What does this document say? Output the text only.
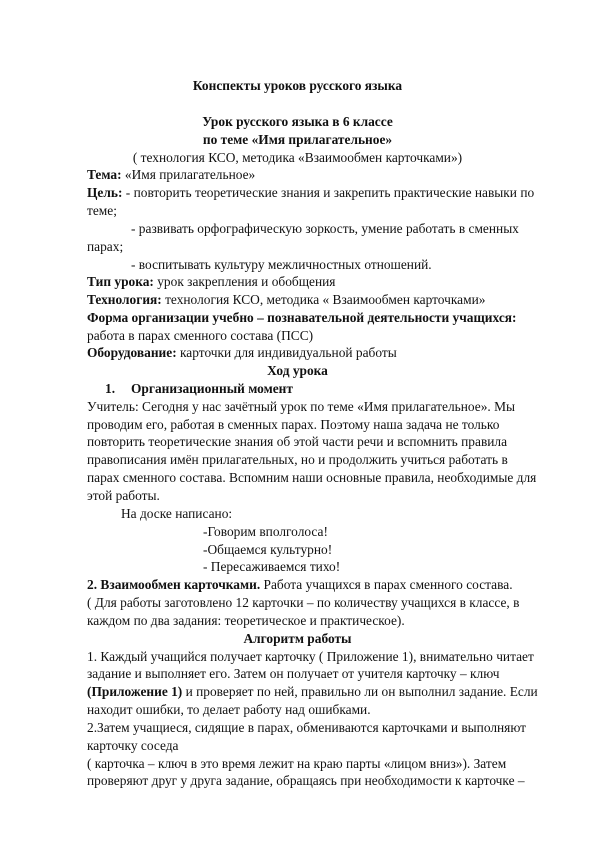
Конспекты уроков русского языка
Урок русского языка в 6 классе
по теме «Имя прилагательное»
( технология КСО, методика «Взаимообмен карточками»)
Тема: «Имя прилагательное»
Цель: - повторить теоретические знания и закрепить практические навыки по
теме;
- развивать орфографическую зоркость, умение работать в сменных
парах;
- воспитывать культуру межличностных отношений.
Тип урока: урок закрепления и обобщения
Технология: технология КСО, методика « Взаимообмен карточками»
Форма организации учебно – познавательной деятельности учащихся:
работа в парах сменного состава (ПСС)
Оборудование: карточки для индивидуальной работы
Ход урока
1. Организационный момент
Учитель: Сегодня у нас зачётный урок по теме «Имя прилагательное». Мы
проводим его, работая в сменных парах. Поэтому наша задача не только
повторить теоретические знания об этой части речи и вспомнить правила
правописания имён прилагательных, но и продолжить учиться работать в
парах сменного состава. Вспомним наши основные правила, необходимые для
этой работы.
На доске написано:
-Говорим вполголоса!
-Общаемся культурно!
- Пересаживаемся тихо!
2. Взаимообмен карточками. Работа учащихся в парах сменного состава.
( Для работы заготовлено 12 карточки – по количеству учащихся в классе, в
каждом по два задания: теоретическое и практическое).
Алгоритм работы
1. Каждый учащийся получает карточку ( Приложение 1), внимательно читает
задание и выполняет его. Затем он получает от учителя карточку – ключ
(Приложение 1) и проверяет по ней, правильно ли он выполнил задание. Если
находит ошибки, то делает работу над ошибками.
2.Затем учащиеся, сидящие в парах, обмениваются карточками и выполняют
карточку соседа
( карточка – ключ в это время лежит на краю парты «лицом вниз»). Затем
проверяют друг у друга задание, обращаясь при необходимости к карточке –
